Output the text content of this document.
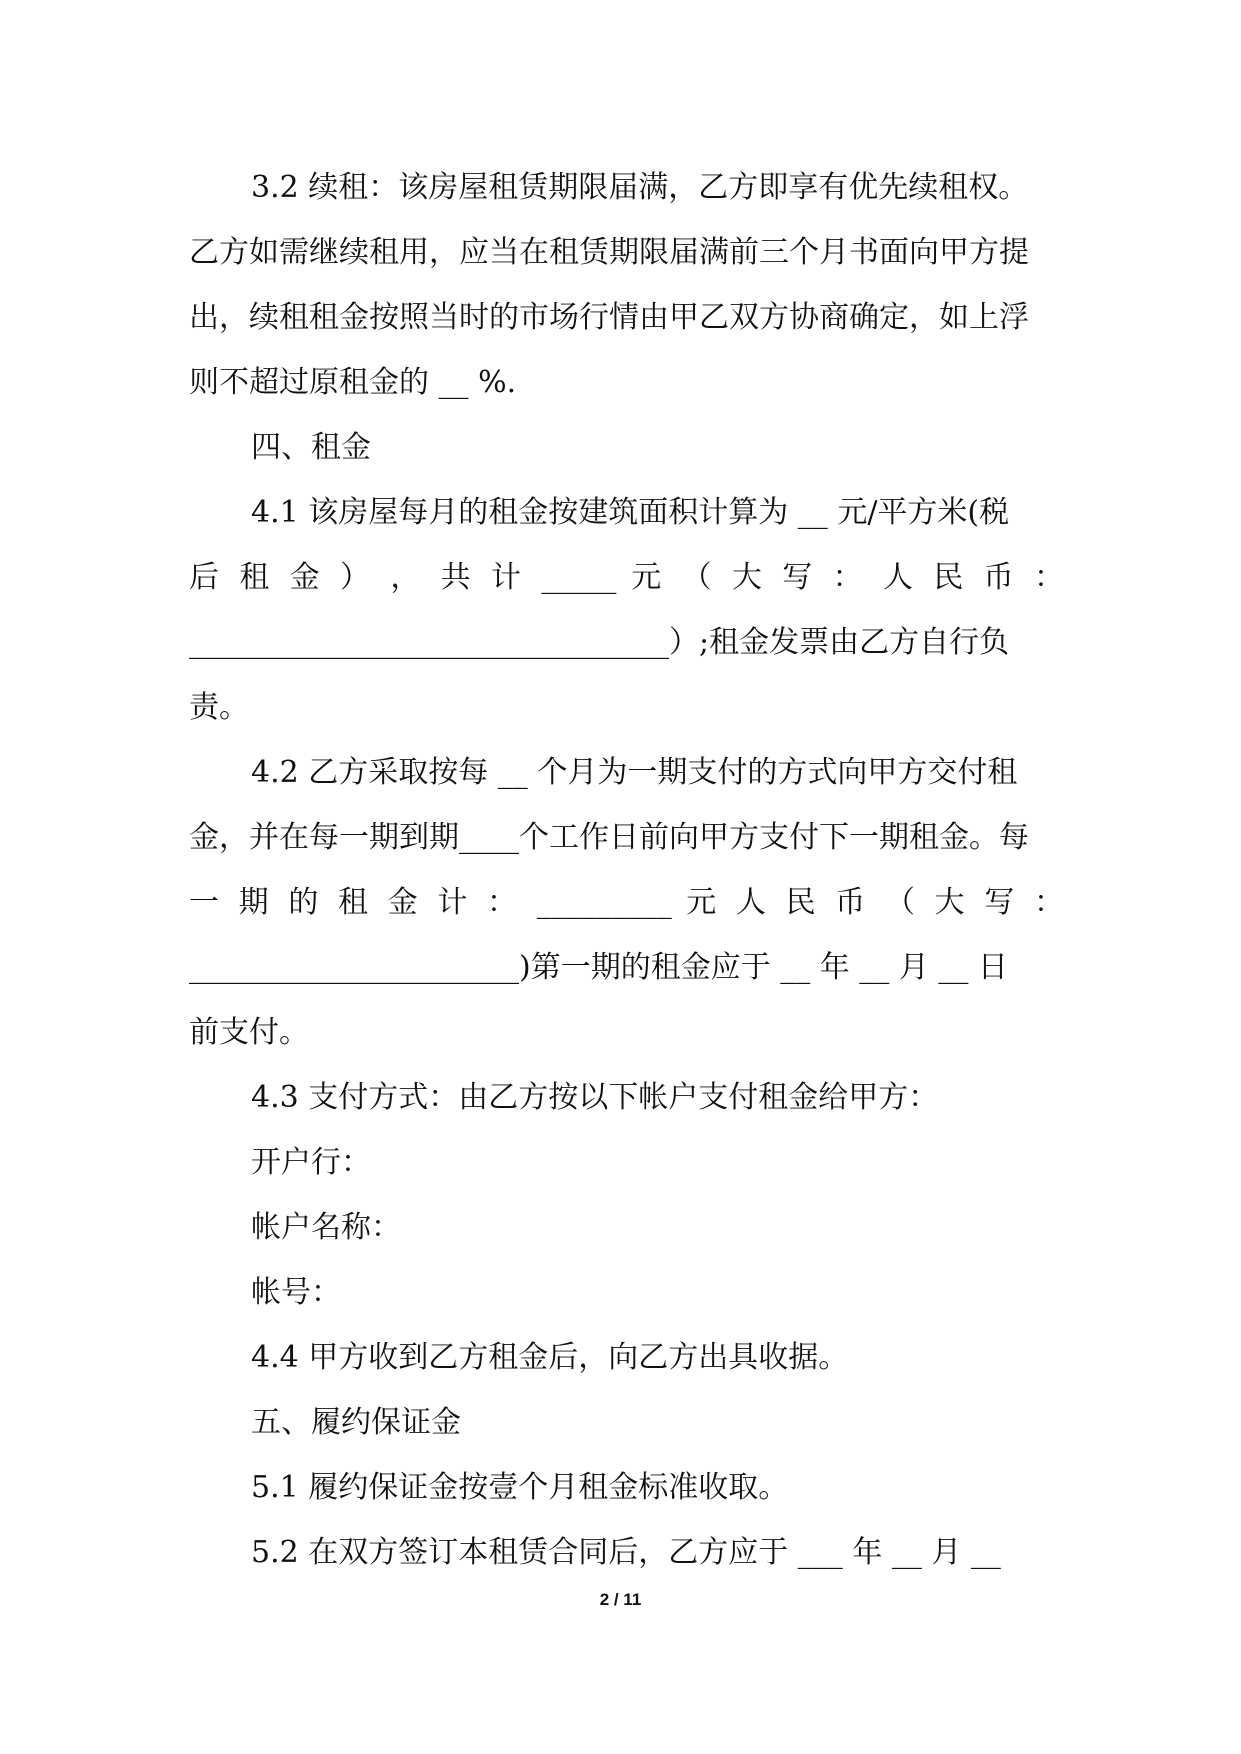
3.2 续租：该房屋租赁期限届满，乙方即享有优先续租权。
乙方如需继续租用，应当在租赁期限届满前三个月书面向甲方提
出，续租租金按照当时的市场行情由甲乙双方协商确定，如上浮
则不超过原租金的 __ %.
四、租金
4.1 该房屋每月的租金按建筑面积计算为 __ 元/平方米(税
后 租 金 ） ， 共 计 _____ 元 （ 大 写 ： 人 民 币 ：
________________________________）;租金发票由乙方自行负
责。
4.2 乙方采取按每 __ 个月为一期支付的方式向甲方交付租
金，并在每一期到期____个工作日前向甲方支付下一期租金。每
一 期 的 租 金 计 ： _________ 元 人 民 币 （ 大 写 ：
______________________)第一期的租金应于 __ 年 __ 月 __ 日
前支付。
4.3 支付方式：由乙方按以下帐户支付租金给甲方：
开户行：
帐户名称：
帐号：
4.4 甲方收到乙方租金后，向乙方出具收据。
五、履约保证金
5.1 履约保证金按壹个月租金标准收取。
5.2 在双方签订本租赁合同后，乙方应于 ___ 年 __ 月 __
2 / 11
